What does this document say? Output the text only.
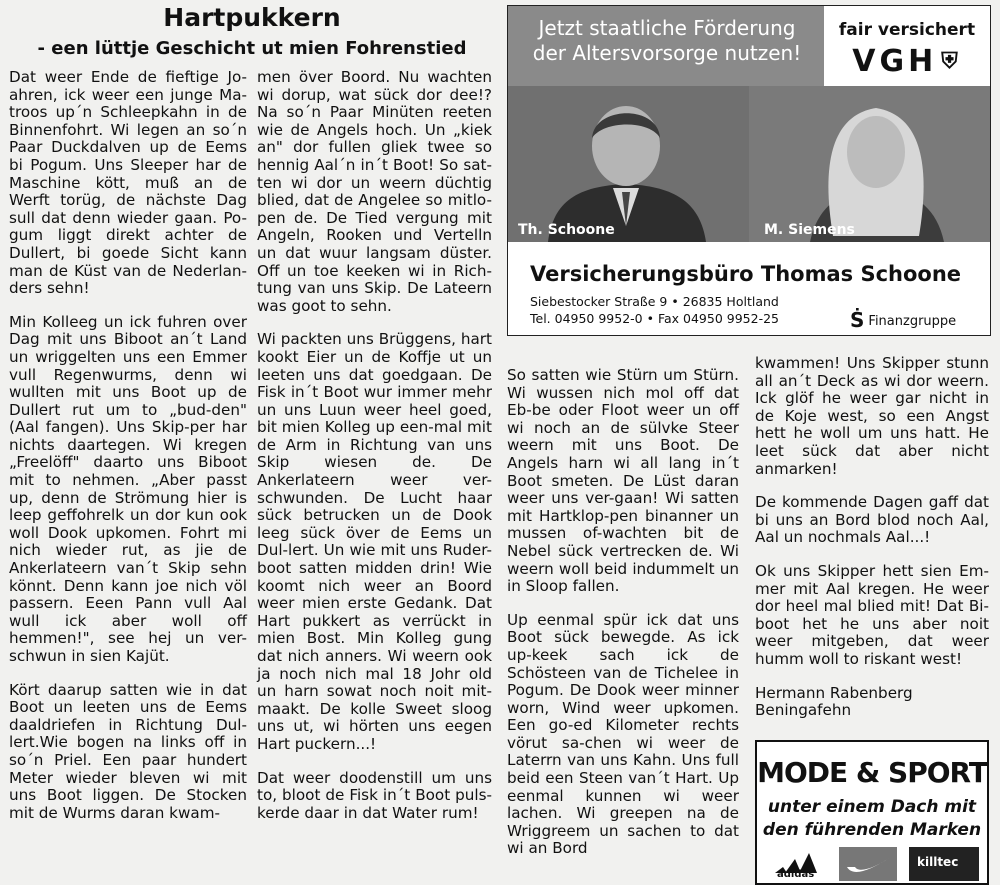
Hartpukkern
- een lüttje Geschicht ut mien Fohrenstied

Dat weer Ende de fieftige Jo-ahren, ick weer een junge Ma-troos up´n Schleepkahn in de Binnenfohrt. Wi legen an so´n Paar Duckdalven up de Eems bi Pogum. Uns Sleeper har de Maschine kött, muß an de Werft torüg, de nächste Dag sull dat denn wieder gaan. Po-gum liggt direkt achter de Dullert, bi goede Sicht kann man de Küst van de Nederlan-ders sehn!

Min Kolleeg un ick fuhren over Dag mit uns Biboot an´t Land un wriggelten uns een Emmer vull Regenwurms, denn wi wullten mit uns Boot up de Dullert rut um to „bud-den" (Aal fangen). Uns Skip-per har nichts daartegen. Wi kregen „Freelöff" daarto uns Biboot mit to nehmen. „Aber passt up, denn de Strömung hier is leep geffohrelk un dor kun ook woll Dook upkomen. Fohrt mi nich wieder rut, as jie de Ankerlateern van´t Skip sehn könnt. Denn kann joe nich völ passern. Eeen Pann vull Aal wull ick aber woll off hemmen!", see hej un ver-schwun in sien Kajüt.

Kört daarup satten wie in dat Boot un leeten uns de Eems daaldriefen in Richtung Dul-lert.Wie bogen na links off in so´n Priel. Een paar hundert Meter wieder bleven wi mit uns Boot liggen. De Stocken mit de Wurms daran kwam-

men över Boord. Nu wachten wi dorup, wat sück dor dee!? Na so´n Paar Minüten reeten wie de Angels hoch. Un „kiek an" dor fullen gliek twee so hennig Aal´n in´t Boot! So sat-ten wi dor un weern düchtig blied, dat de Angelee so mitlo-pen de. De Tied vergung mit Angeln, Rooken und Vertelln un dat wuur langsam düster. Off un toe keeken wi in Rich-tung van uns Skip. De Lateern was goot to sehn.

Wi packten uns Brüggens, hart kookt Eier un de Koffje ut un leeten uns dat goedgaan. De Fisk in´t Boot wur immer mehr un uns Luun weer heel goed, bit mien Kolleg up een-mal mit de Arm in Richtung van uns Skip wiesen de. De Ankerlateern weer ver-schwunden. De Lucht haar sück betrucken un de Dook leeg sück över de Eems un Dul-lert. Un wie mit uns Ruder-boot satten midden drin! Wie koomt nich weer an Boord weer mien erste Gedank. Dat Hart pukkert as verrückt in mien Bost. Min Kolleg gung dat nich anners. Wi weern ook ja noch nich mal 18 Johr old un harn sowat noch noit mit-maakt. De kolle Sweet sloog uns ut, wi hörten uns eegen Hart puckern...!

Dat weer doodenstill um uns to, bloot de Fisk in´t Boot puls-kerde daar in dat Water rum!

So satten wie Stürn um Stürn. Wi wussen nich mol off dat Eb-be oder Floot weer un off wi noch an de sülvke Steer weern mit uns Boot. De Angels harn wi all lang in´t Boot smeten. De Lüst daran weer uns ver-gaan! Wi satten mit Hartklop-pen binanner un mussen of-wachten bit de Nebel sück vertrecken de. Wi weern woll beid indummelt un in Sloop fallen.

Up eenmal spür ick dat uns Boot sück bewegde. As ick up-keek sach ick de Schösteen van de Tichelee in Pogum. De Dook weer minner worn, Wind weer upkomen. Een go-ed Kilometer rechts vörut sa-chen wi weer de Laterrn van uns Kahn. Uns full beid een Steen van´t Hart. Up eenmal kunnen wi weer lachen. Wi greepen na de Wriggreem un sachen to dat wi an Bord

kwammen! Uns Skipper stunn all an´t Deck as wi dor weern. Ick glöf he weer gar nicht in de Koje west, so een Angst hett he woll um uns hatt. He leet sück dat aber nicht anmarken!

De kommende Dagen gaff dat bi uns an Bord blod noch Aal, Aal un nochmals Aal...!

Ok uns Skipper hett sien Em-mer mit Aal kregen. He weer dor heel mal blied mit! Dat Bi-boot het he uns aber noit weer mitgeben, dat weer humm woll to riskant west!

Hermann Rabenberg
Beningafehn

Jetzt staatliche Förderung
der Altersvorsorge nutzen!
fair versichert
VGH ⛨
Th. Schoone	M. Siemens
Versicherungsbüro Thomas Schoone
Siebestocker Straße 9 • 26835 Holtland
Tel. 04950 9952-0 • Fax 04950 9952-25	Ṡ Finanzgruppe
MODE & SPORT
unter einem Dach mit
den führenden Marken
adidas
killtec
